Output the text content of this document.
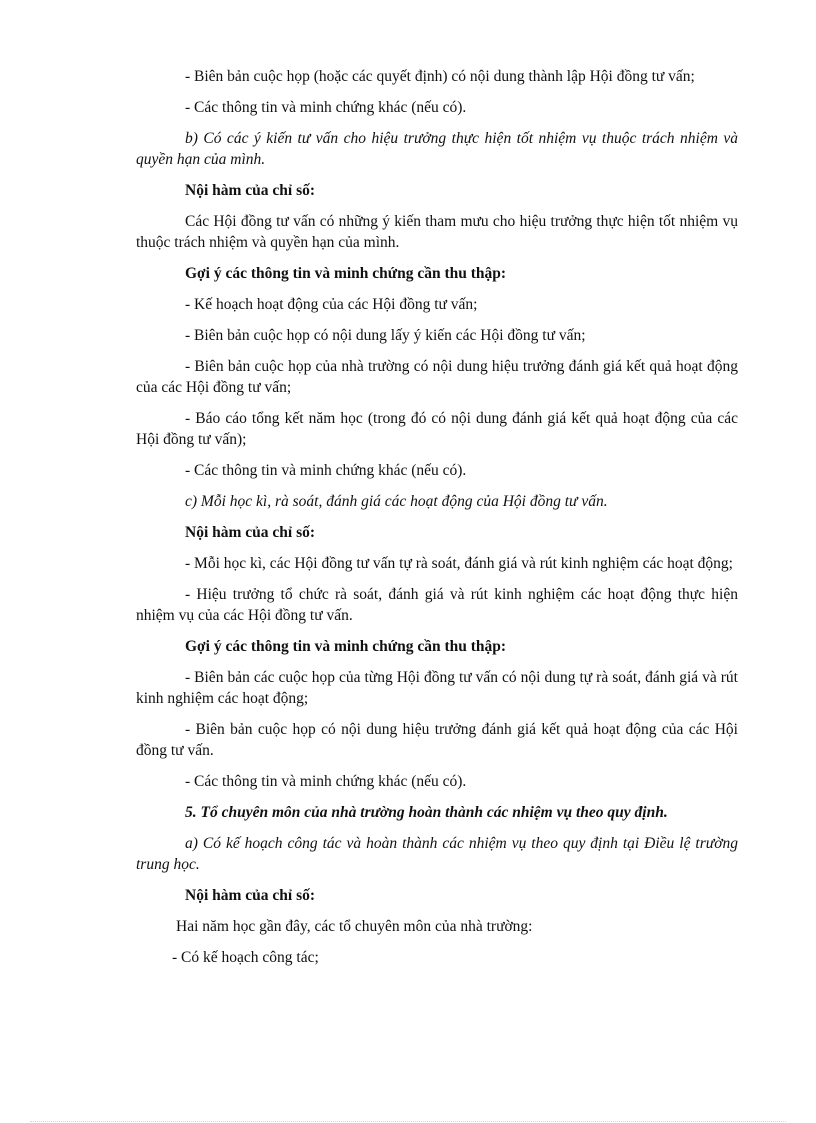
- Biên bản cuộc họp (hoặc các quyết định) có nội dung thành lập Hội đồng tư vấn;

- Các thông tin và minh chứng khác (nếu có).

b) Có các ý kiến tư vấn cho hiệu trưởng thực hiện tốt nhiệm vụ thuộc trách nhiệm và quyền hạn của mình.

Nội hàm của chỉ số:

Các Hội đồng tư vấn có những ý kiến tham mưu cho hiệu trưởng thực hiện tốt nhiệm vụ thuộc trách nhiệm và quyền hạn của mình.

Gợi ý các thông tin và minh chứng cần thu thập:

- Kế hoạch hoạt động của các Hội đồng tư vấn;

- Biên bản cuộc họp có nội dung lấy ý kiến các Hội đồng tư vấn;

- Biên bản cuộc họp của nhà trường có nội dung hiệu trưởng đánh giá kết quả hoạt động của các Hội đồng tư vấn;

- Báo cáo tổng kết năm học (trong đó có nội dung đánh giá kết quả hoạt động của các Hội đồng tư vấn);

- Các thông tin và minh chứng khác (nếu có).

c) Mỗi học kì, rà soát, đánh giá các hoạt động của Hội đồng tư vấn.

Nội hàm của chỉ số:

- Mỗi học kì, các Hội đồng tư vấn tự rà soát, đánh giá và rút kinh nghiệm các hoạt động;

- Hiệu trưởng tổ chức rà soát, đánh giá và rút kinh nghiệm các hoạt động thực hiện nhiệm vụ của các Hội đồng tư vấn.

Gợi ý các thông tin và minh chứng cần thu thập:

- Biên bản các cuộc họp của từng Hội đồng tư vấn có nội dung tự rà soát, đánh giá và rút kinh nghiệm các hoạt động;

- Biên bản cuộc họp có nội dung hiệu trưởng đánh giá kết quả hoạt động của các Hội đồng tư vấn.

- Các thông tin và minh chứng khác (nếu có).

5. Tổ chuyên môn của nhà trường hoàn thành các nhiệm vụ theo quy định.

a) Có kế hoạch công tác và hoàn thành các nhiệm vụ theo quy định tại Điều lệ trường trung học.

Nội hàm của chỉ số:

Hai năm học gần đây, các tổ chuyên môn của nhà trường:

- Có kế hoạch công tác;
